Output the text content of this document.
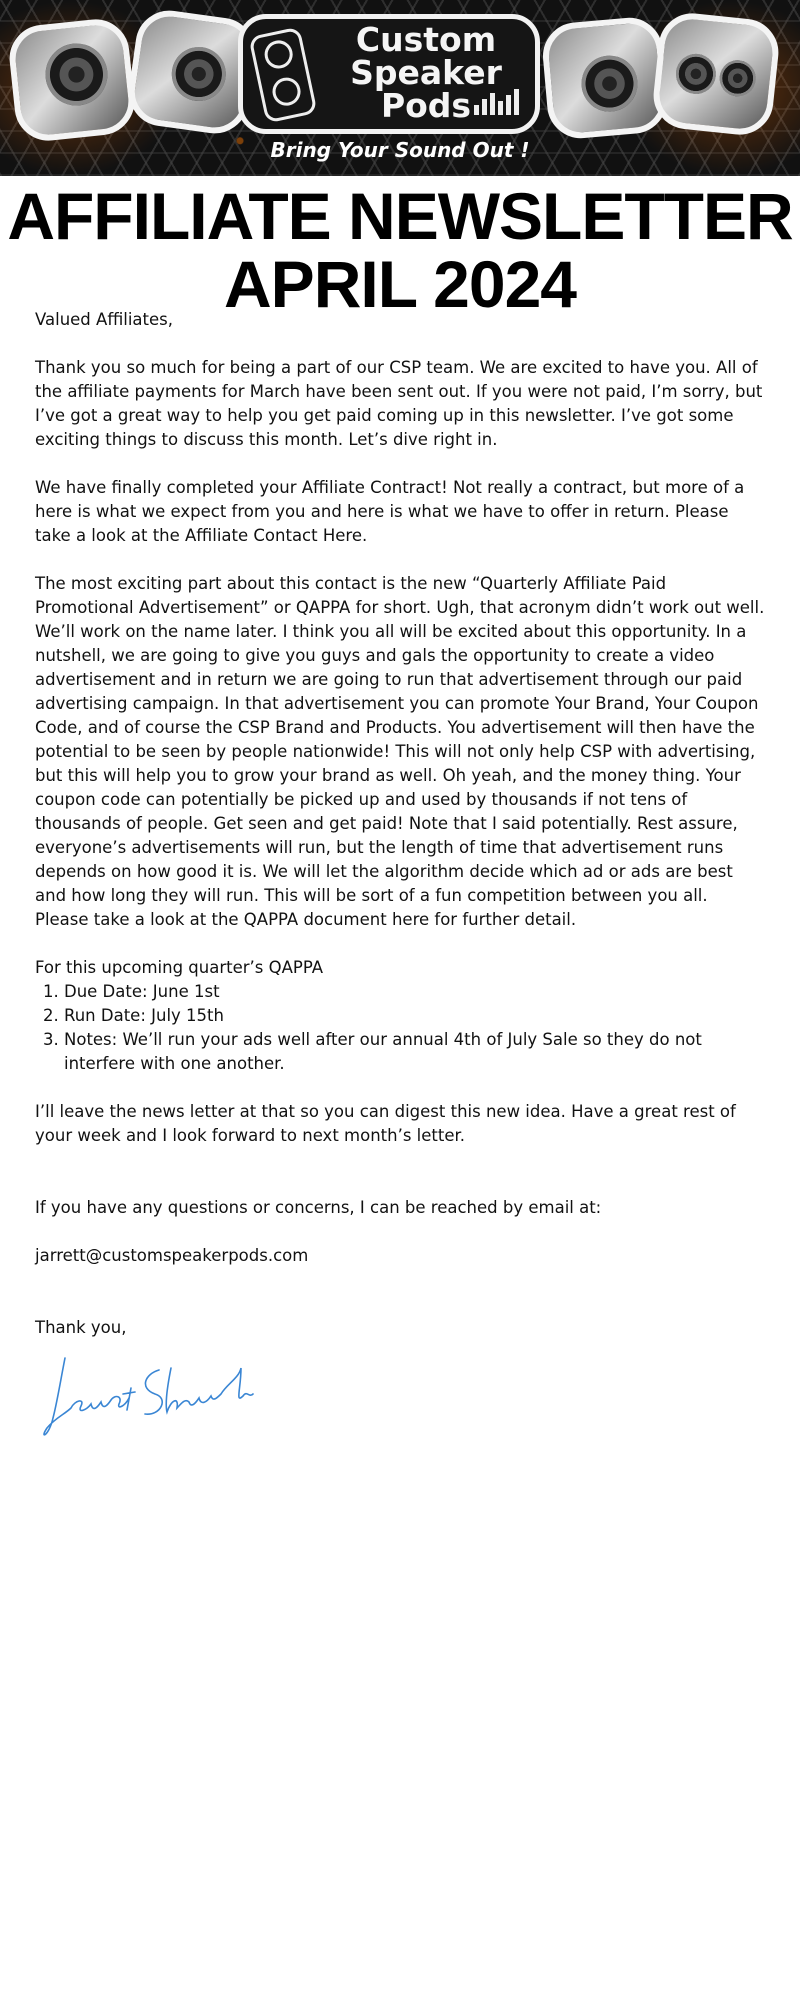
Custom
Speaker
Pods
Bring Your Sound Out !
AFFILIATE NEWSLETTER
APRIL 2024

Valued Affiliates,

Thank you so much for being a part of our CSP team. We are excited to have you. All of the affiliate payments for March have been sent out. If you were not paid, I’m sorry, but I’ve got a great way to help you get paid coming up in this newsletter. I’ve got some exciting things to discuss this month. Let’s dive right in.

We have finally completed your Affiliate Contract! Not really a contract, but more of a here is what we expect from you and here is what we have to offer in return. Please take a look at the Affiliate Contact Here.

The most exciting part about this contact is the new “Quarterly Affiliate Paid Promotional Advertisement” or QAPPA for short. Ugh, that acronym didn’t work out well. We’ll work on the name later. I think you all will be excited about this opportunity. In a nutshell, we are going to give you guys and gals the opportunity to create a video advertisement and in return we are going to run that advertisement through our paid advertising campaign. In that advertisement you can promote Your Brand, Your Coupon Code, and of course the CSP Brand and Products. You advertisement will then have the potential to be seen by people nationwide! This will not only help CSP with advertising, but this will help you to grow your brand as well. Oh yeah, and the money thing. Your coupon code can potentially be picked up and used by thousands if not tens of thousands of people. Get seen and get paid! Note that I said potentially. Rest assure, everyone’s advertisements will run, but the length of time that advertisement runs depends on how good it is. We will let the algorithm decide which ad or ads are best and how long they will run. This will be sort of a fun competition between you all. Please take a look at the QAPPA document here for further detail.

For this upcoming quarter’s QAPPA
1. Due Date: June 1st
2. Run Date: July 15th
3. Notes: We’ll run your ads well after our annual 4th of July Sale so they do not interfere with one another.

I’ll leave the news letter at that so you can digest this new idea. Have a great rest of your week and I look forward to next month’s letter.

If you have any questions or concerns, I can be reached by email at:

jarrett@customspeakerpods.com

Thank you,
